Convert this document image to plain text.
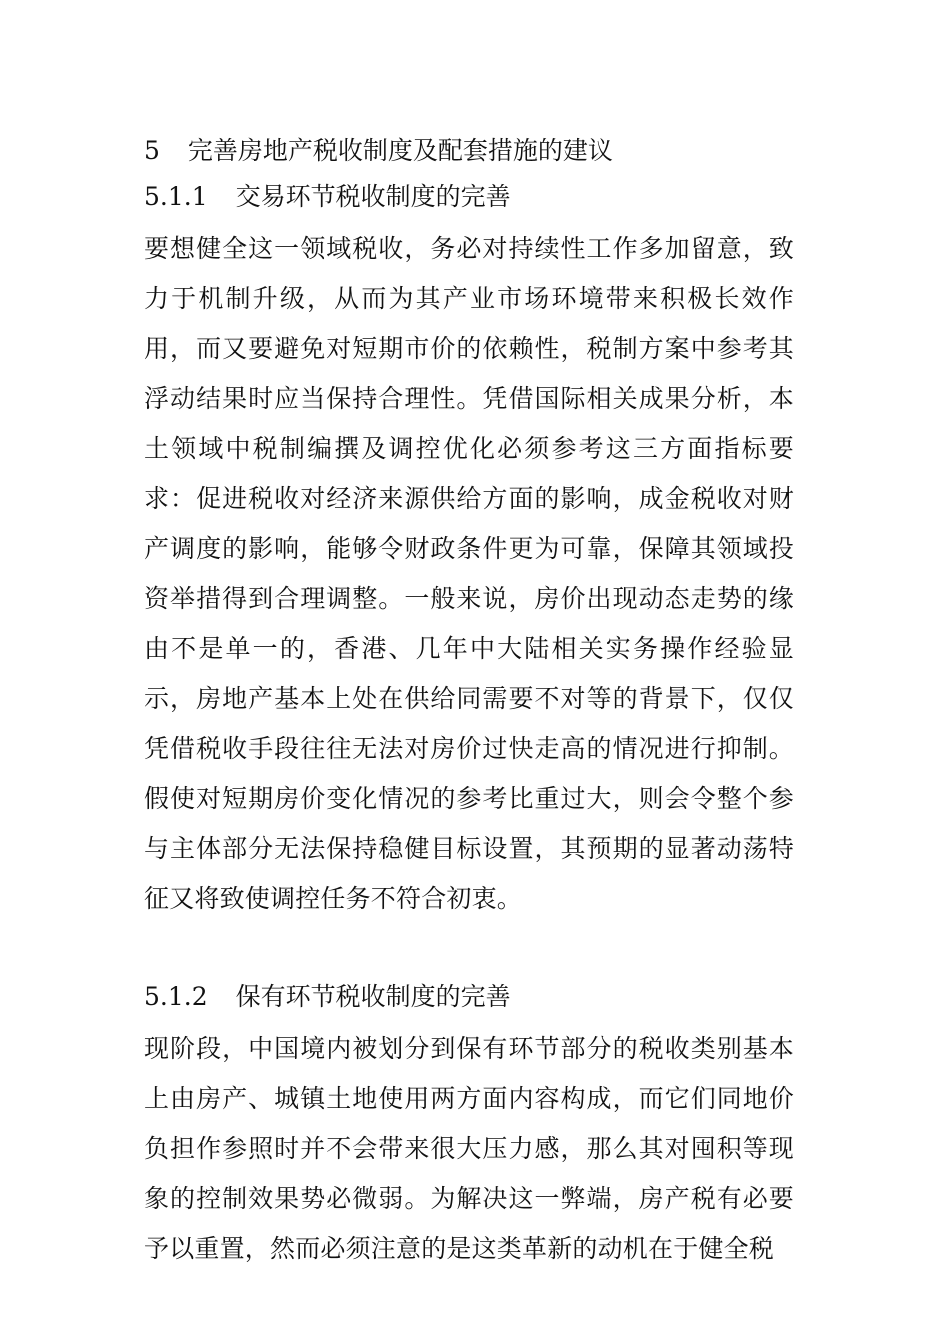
5 完善房地产税收制度及配套措施的建议
5.1.1 交易环节税收制度的完善

要想健全这一领域税收，务必对持续性工作多加留意，致力于机制升级，从而为其产业市场环境带来积极长效作用，而又要避免对短期市价的依赖性，税制方案中参考其浮动结果时应当保持合理性。凭借国际相关成果分析，本土领域中税制编撰及调控优化必须参考这三方面指标要求：促进税收对经济来源供给方面的影响，成金税收对财产调度的影响，能够令财政条件更为可靠，保障其领域投资举措得到合理调整。一般来说，房价出现动态走势的缘由不是单一的，香港、几年中大陆相关实务操作经验显示，房地产基本上处在供给同需要不对等的背景下，仅仅凭借税收手段往往无法对房价过快走高的情况进行抑制。假使对短期房价变化情况的参考比重过大，则会令整个参与主体部分无法保持稳健目标设置，其预期的显著动荡特征又将致使调控任务不符合初衷。

5.1.2 保有环节税收制度的完善

现阶段，中国境内被划分到保有环节部分的税收类别基本上由房产、城镇土地使用两方面内容构成，而它们同地价负担作参照时并不会带来很大压力感，那么其对囤积等现象的控制效果势必微弱。为解决这一弊端，房产税有必要予以重置，然而必须注意的是这类革新的动机在于健全税
